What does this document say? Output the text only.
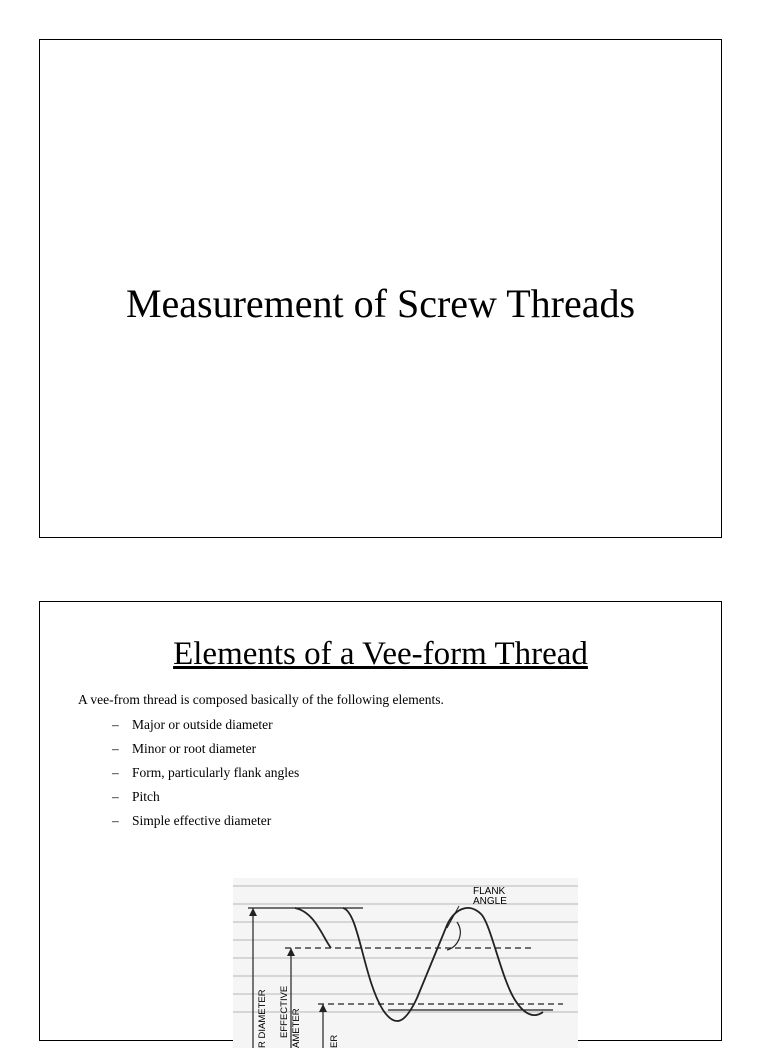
Measurement of Screw Threads
Elements of a Vee-form Thread
A vee-from thread is composed basically of the following elements.
– Major or outside diameter
– Minor or root diameter
– Form, particularly flank angles
– Pitch
– Simple effective diameter
FLANK
ANGLE
R DIAMETER EFFECTIVE AMETER	ER
